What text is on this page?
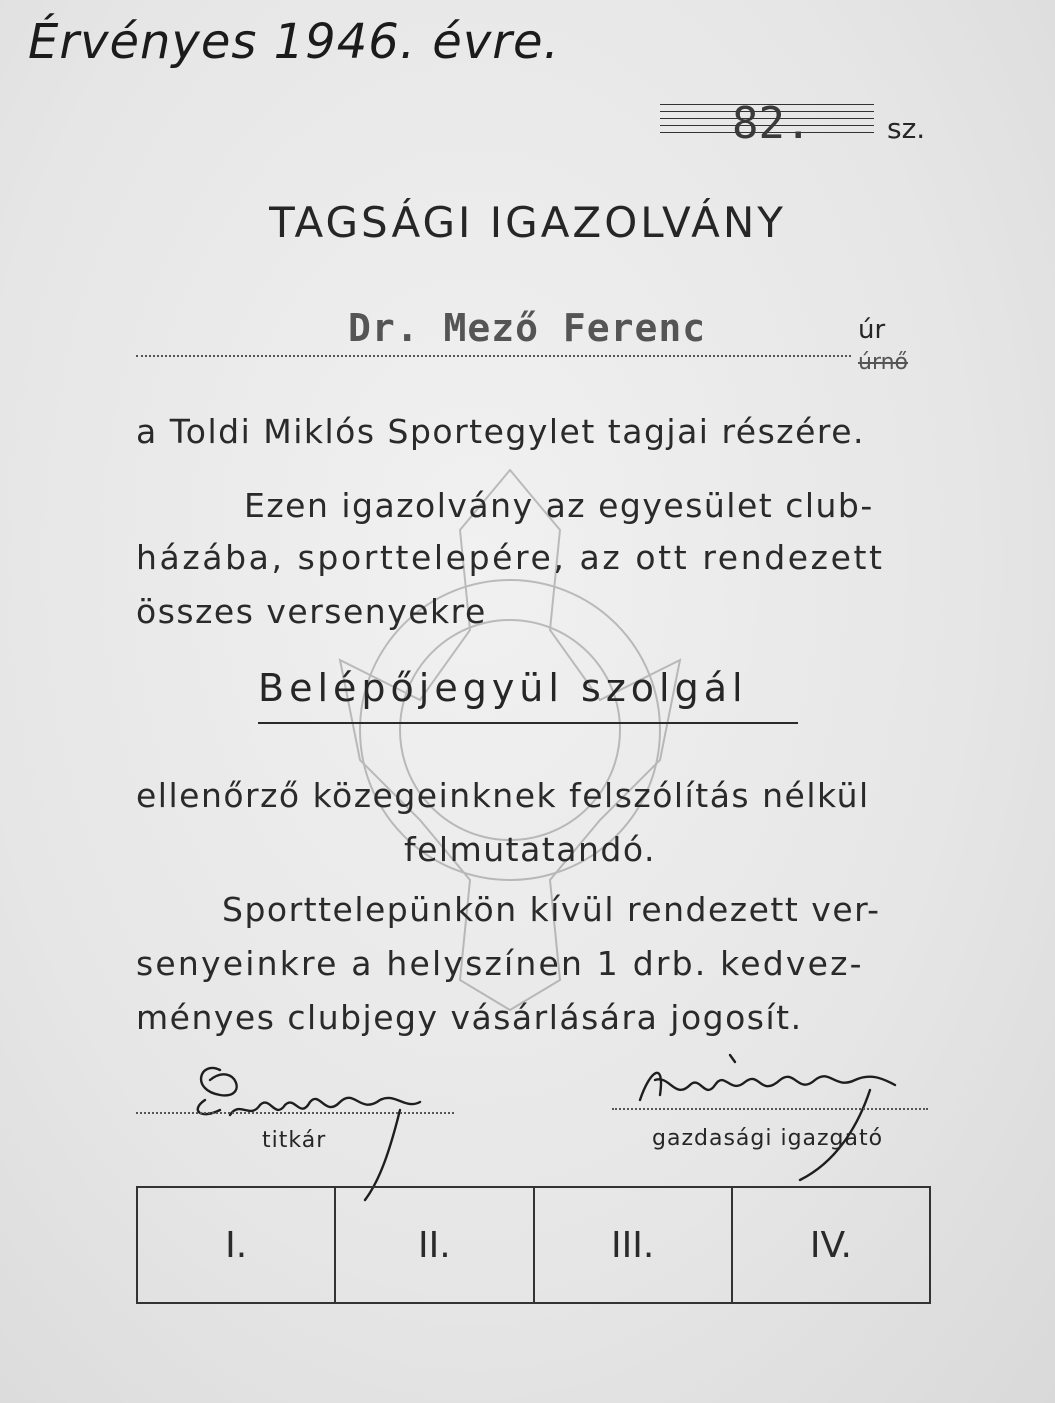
Érvényes 1946. évre.
82.	sz.
TAGSÁGI IGAZOLVÁNY
Dr. Mező Ferenc	úr
úrnő

a Toldi Miklós Sportegylet tagjai részére.

Ezen igazolvány az egyesület club-

házába, sporttelepére, az ott rendezett

összes versenyekre

Belépőjegyül szolgál

ellenőrző közegeinknek felszólítás nélkül

felmutatandó.

Sporttelepünkön kívül rendezett ver-

senyeinkre a helyszínen 1 drb. kedvez-

ményes clubjegy vásárlására jogosít.

titkár	gazdasági igazgató
I.	II.	III.	IV.
